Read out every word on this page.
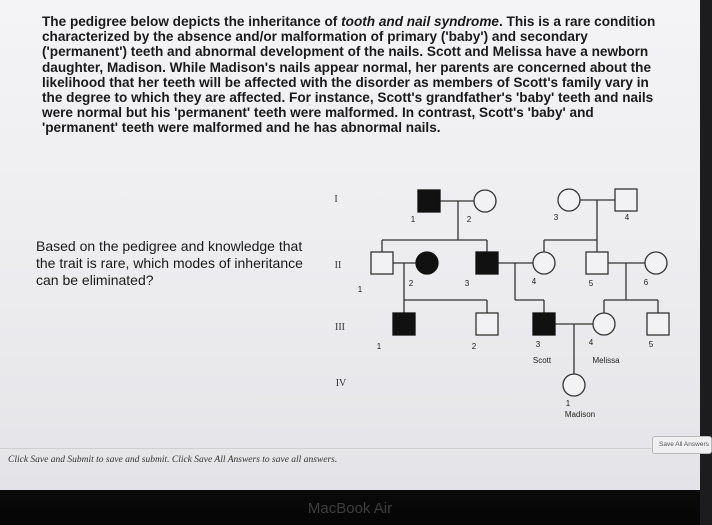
The pedigree below depicts the inheritance of tooth and nail syndrome. This is a rare condition characterized by the absence and/or malformation of primary ('baby') and secondary ('permanent') teeth and abnormal development of the nails. Scott and Melissa have a newborn daughter, Madison. While Madison's nails appear normal, her parents are concerned about the likelihood that her teeth will be affected with the disorder as members of Scott's family vary in the degree to which they are affected. For instance, Scott's grandfather's 'baby' teeth and nails were normal but his 'permanent' teeth were malformed. In contrast, Scott's 'baby' and 'permanent' teeth were malformed and he has abnormal nails.

Based on the pedigree and knowledge that the trait is rare, which modes of inheritance can be eliminated?

I
II
III
IV
1	2	3	4
1
2	3	4	5	6
1	2	3	4	5
1
Scott	Melissa
Madison
Click Save and Submit to save and submit. Click Save All Answers to save all answers.
Save All Answers
MacBook Air
